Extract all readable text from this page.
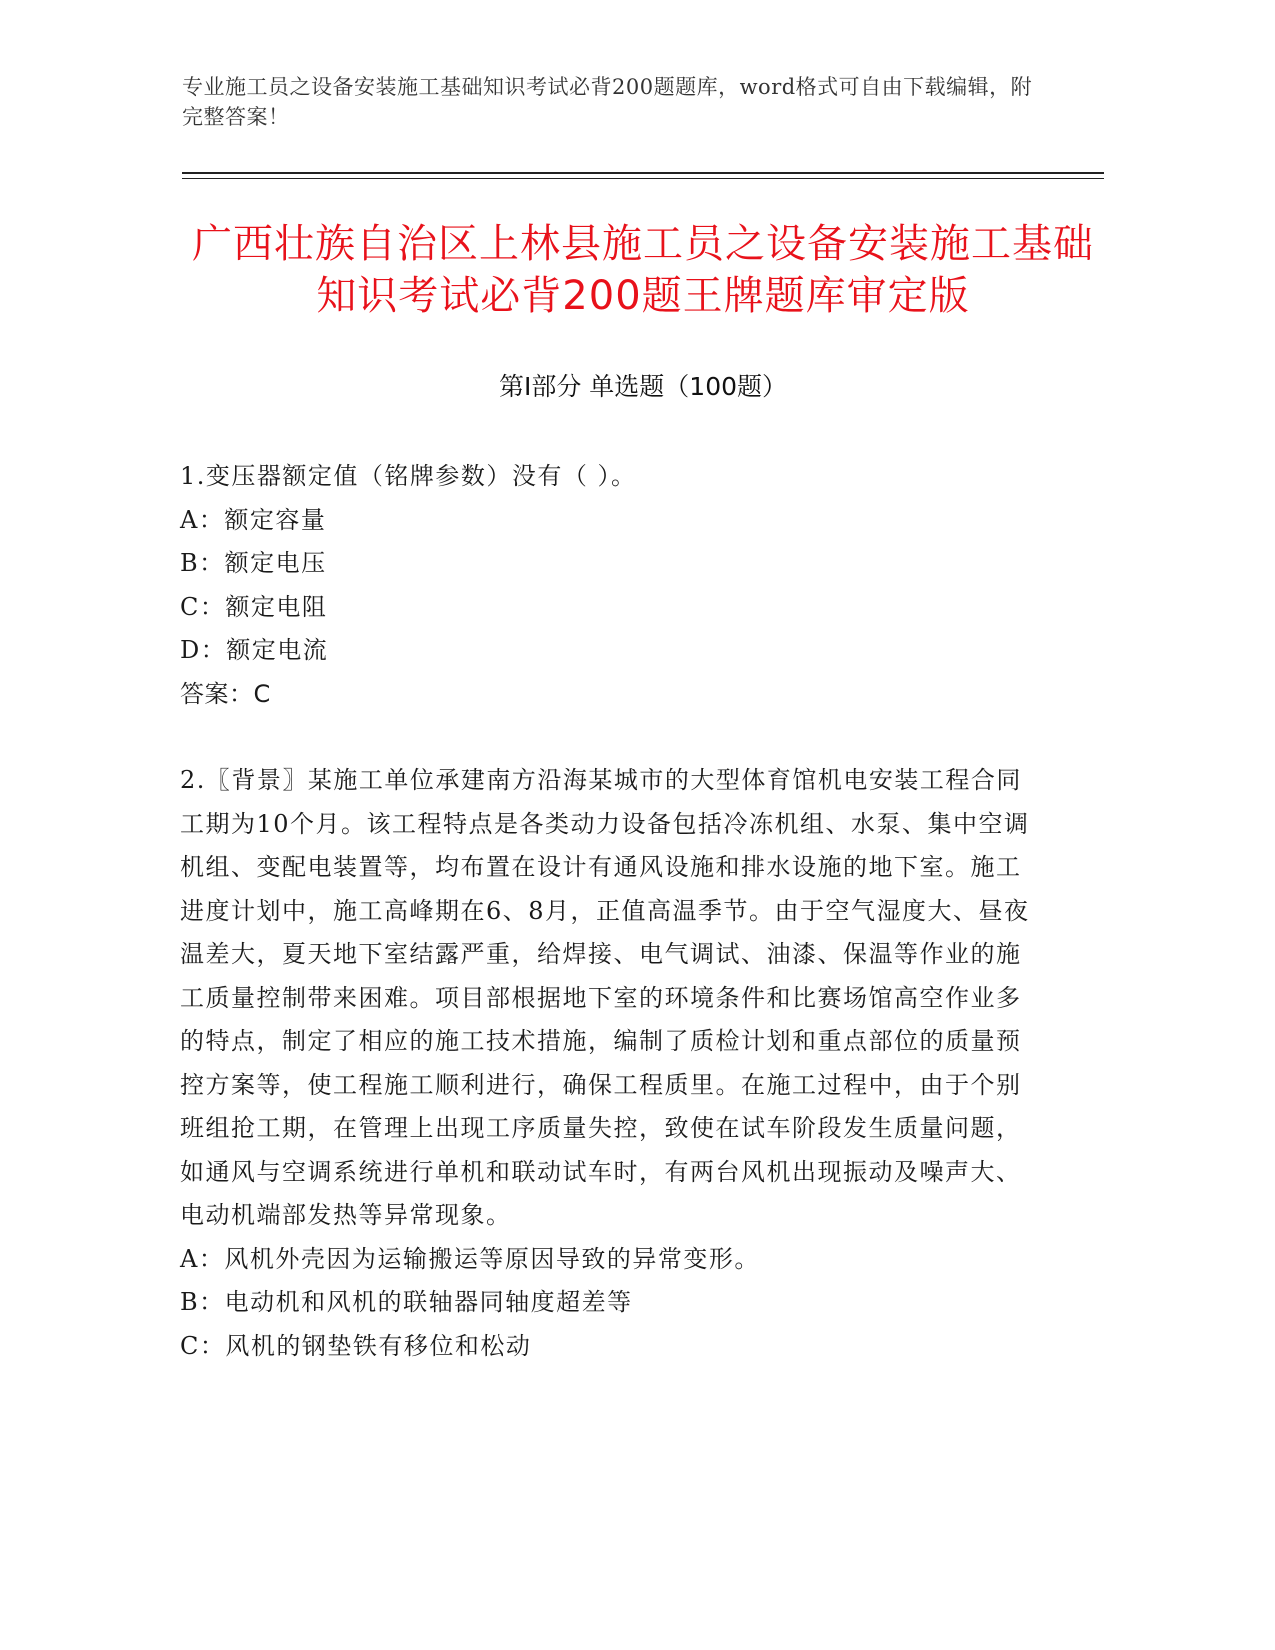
专业施工员之设备安装施工基础知识考试必背200题题库，word格式可自由下载编辑，附完整答案！
广西壮族自治区上林县施工员之设备安装施工基础知识考试必背200题王牌题库审定版
第Ⅰ部分 单选题（100题）

1.变压器额定值（铭牌参数）没有（ ）。

A：额定容量

B：额定电压

C：额定电阻

D：额定电流

答案：C

2.〖背景〗某施工单位承建南方沿海某城市的大型体育馆机电安装工程合同工期为10个月。该工程特点是各类动力设备包括冷冻机组、水泵、集中空调机组、变配电装置等，均布置在设计有通风设施和排水设施的地下室。施工进度计划中，施工高峰期在6、8月，正值高温季节。由于空气湿度大、昼夜温差大，夏天地下室结露严重，给焊接、电气调试、油漆、保温等作业的施工质量控制带来困难。项目部根据地下室的环境条件和比赛场馆高空作业多的特点，制定了相应的施工技术措施，编制了质检计划和重点部位的质量预控方案等，使工程施工顺利进行，确保工程质里。在施工过程中，由于个别班组抢工期，在管理上出现工序质量失控，致使在试车阶段发生质量问题，如通风与空调系统进行单机和联动试车时，有两台风机出现振动及噪声大、电动机端部发热等异常现象。

A：风机外壳因为运输搬运等原因导致的异常变形。

B：电动机和风机的联轴器同轴度超差等

C：风机的钢垫铁有移位和松动
